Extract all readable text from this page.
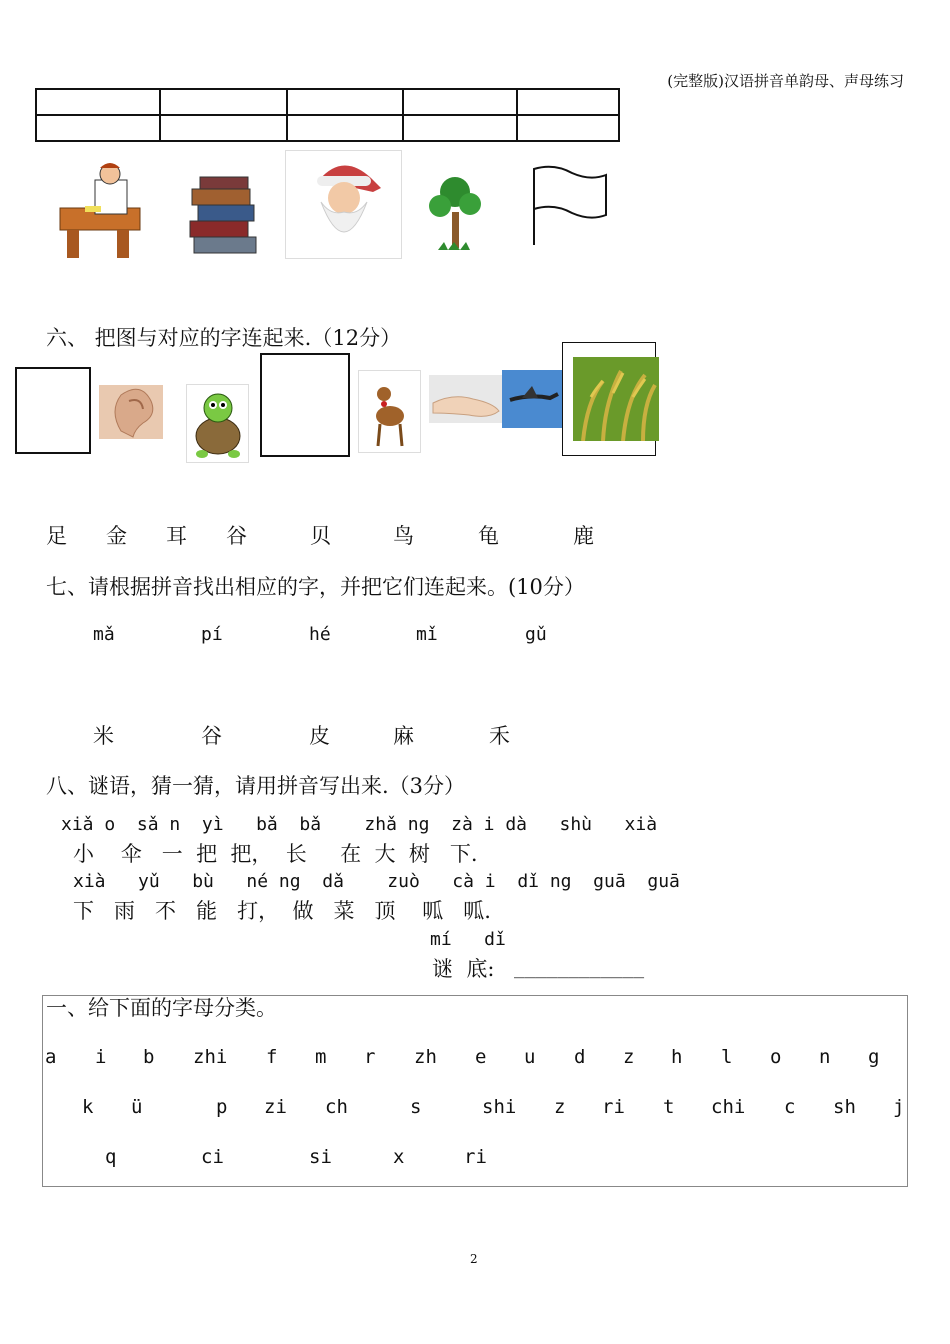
(完整版)汉语拼音单韵母、声母练习

六、 把图与对应的字连起来.（12分）
足 金 耳 谷	贝	鸟	龟	鹿
七、请根据拼音找出相应的字，并把它们连起来。(10分）
mǎ	pí	hé	mǐ	gǔ
米	谷	皮	麻	禾
八、谜语，猜一猜，请用拼音写出来.（3分）
xiǎ o  sǎ n  yì   bǎ  bǎ    zhǎ ng  zà i dà   shù   xià
小    伞   一  把  把，  长     在  大  树   下.
xià   yǔ   bù   né ng  dǎ    zuò   cà i  dǐ ng  guā  guā
下   雨   不   能   打，  做   菜   顶    呱   呱.
mí   dǐ
谜  底: ____________
一、给下面的字母分类。
a i b zhi f m r zh e u d z h l o n g
k ü	p zi ch	s	shi z ri t chi c sh j
q	ci	si	x	ri
2
